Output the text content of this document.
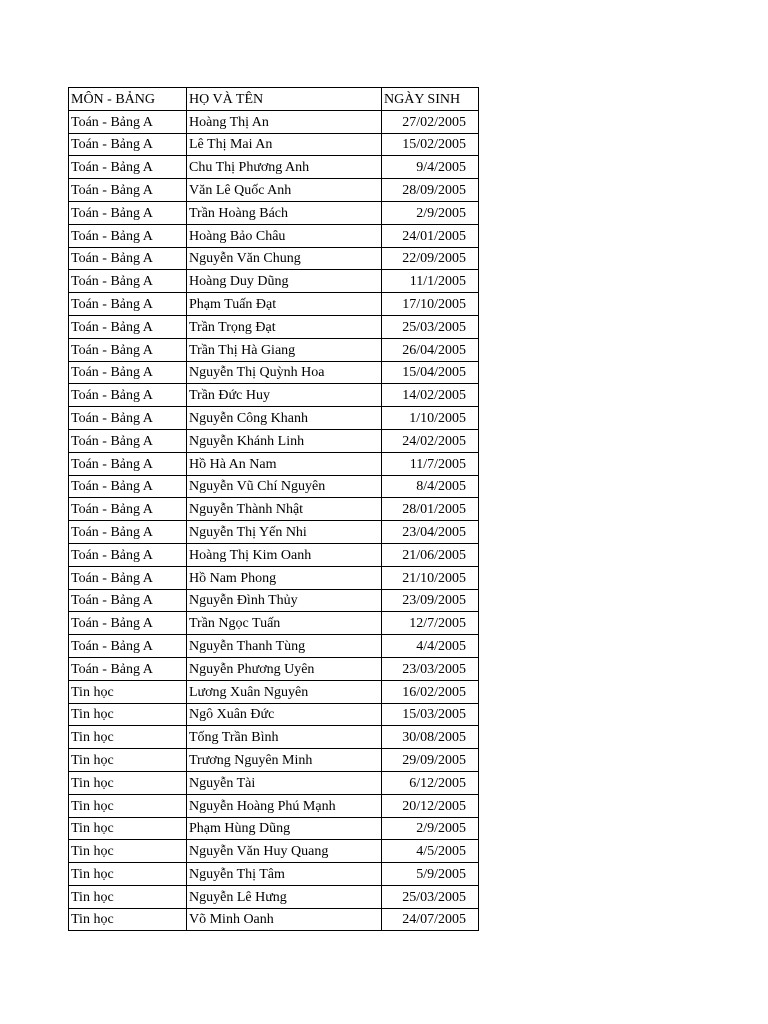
MÔN - BẢNG	HỌ VÀ TÊN	NGÀY SINH
Toán - Bảng A	Hoàng Thị An	27/02/2005
Toán - Bảng A	Lê Thị Mai An	15/02/2005
Toán - Bảng A	Chu Thị Phương Anh	9/4/2005
Toán - Bảng A	Văn Lê Quốc Anh	28/09/2005
Toán - Bảng A	Trần Hoàng Bách	2/9/2005
Toán - Bảng A	Hoàng Bảo Châu	24/01/2005
Toán - Bảng A	Nguyễn Văn Chung	22/09/2005
Toán - Bảng A	Hoàng Duy Dũng	11/1/2005
Toán - Bảng A	Phạm Tuấn Đạt	17/10/2005
Toán - Bảng A	Trần Trọng Đạt	25/03/2005
Toán - Bảng A	Trần Thị Hà Giang	26/04/2005
Toán - Bảng A	Nguyễn Thị Quỳnh Hoa	15/04/2005
Toán - Bảng A	Trần Đức Huy	14/02/2005
Toán - Bảng A	Nguyễn Công Khanh	1/10/2005
Toán - Bảng A	Nguyễn Khánh Linh	24/02/2005
Toán - Bảng A	Hồ Hà An Nam	11/7/2005
Toán - Bảng A	Nguyễn Vũ Chí Nguyên	8/4/2005
Toán - Bảng A	Nguyễn Thành Nhật	28/01/2005
Toán - Bảng A	Nguyễn Thị Yến Nhi	23/04/2005
Toán - Bảng A	Hoàng Thị Kim Oanh	21/06/2005
Toán - Bảng A	Hồ Nam Phong	21/10/2005
Toán - Bảng A	Nguyễn Đình Thủy	23/09/2005
Toán - Bảng A	Trần Ngọc Tuấn	12/7/2005
Toán - Bảng A	Nguyễn Thanh Tùng	4/4/2005
Toán - Bảng A	Nguyễn Phương Uyên	23/03/2005
Tin học	Lương Xuân Nguyên	16/02/2005
Tin học	Ngô Xuân Đức	15/03/2005
Tin học	Tống Trần Bình	30/08/2005
Tin học	Trương Nguyên Minh	29/09/2005
Tin học	Nguyễn Tài	6/12/2005
Tin học	Nguyễn Hoàng Phú Mạnh	20/12/2005
Tin học	Phạm Hùng Dũng	2/9/2005
Tin học	Nguyễn Văn Huy Quang	4/5/2005
Tin học	Nguyễn Thị Tâm	5/9/2005
Tin học	Nguyễn Lê Hưng	25/03/2005
Tin học	Võ Minh Oanh	24/07/2005
